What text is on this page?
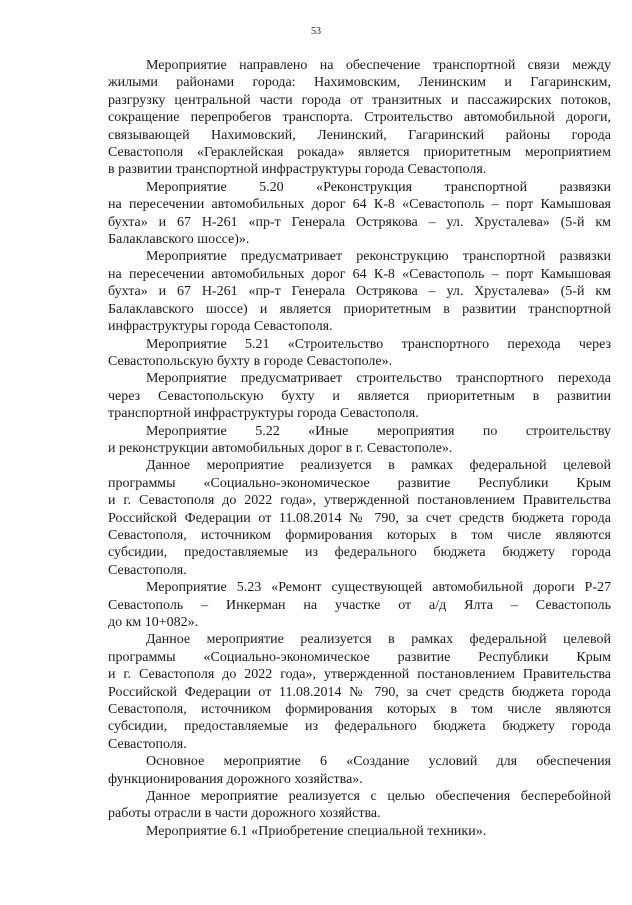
53
Мероприятие направлено на обеспечение транспортной связи между
жилыми районами города: Нахимовским, Ленинским и Гагаринским,
разгрузку центральной части города от транзитных и пассажирских потоков,
сокращение перепробегов транспорта. Строительство автомобильной дороги,
связывающей Нахимовский, Ленинский, Гагаринский районы города
Севастополя «Гераклейская рокада» является приоритетным мероприятием
в развитии транспортной инфраструктуры города Севастополя.
Мероприятие 5.20 «Реконструкция транспортной развязки
на пересечении автомобильных дорог 64 К-8 «Севастополь – порт Камышовая
бухта» и 67 Н-261 «пр-т Генерала Острякова – ул. Хрусталева» (5-й км
Балаклавского шоссе)».
Мероприятие предусматривает реконструкцию транспортной развязки
на пересечении автомобильных дорог 64 К-8 «Севастополь – порт Камышовая
бухта» и 67 Н-261 «пр-т Генерала Острякова – ул. Хрусталева» (5-й км
Балаклавского шоссе) и является приоритетным в развитии транспортной
инфраструктуры города Севастополя.
Мероприятие 5.21 «Строительство транспортного перехода через
Севастопольскую бухту в городе Севастополе».
Мероприятие предусматривает строительство транспортного перехода
через Севастопольскую бухту и является приоритетным в развитии
транспортной инфраструктуры города Севастополя.
Мероприятие 5.22 «Иные мероприятия по строительству
и реконструкции автомобильных дорог в г. Севастополе».
Данное мероприятие реализуется в рамках федеральной целевой
программы «Социально-экономическое развитие Республики Крым
и г. Севастополя до 2022 года», утвержденной постановлением Правительства
Российской Федерации от 11.08.2014 № 790, за счет средств бюджета города
Севастополя, источником формирования которых в том числе являются
субсидии, предоставляемые из федерального бюджета бюджету города
Севастополя.
Мероприятие 5.23 «Ремонт существующей автомобильной дороги Р-27
Севастополь – Инкерман на участке от а/д Ялта – Севастополь
до км 10+082».
Данное мероприятие реализуется в рамках федеральной целевой
программы «Социально-экономическое развитие Республики Крым
и г. Севастополя до 2022 года», утвержденной постановлением Правительства
Российской Федерации от 11.08.2014 № 790, за счет средств бюджета города
Севастополя, источником формирования которых в том числе являются
субсидии, предоставляемые из федерального бюджета бюджету города
Севастополя.
Основное мероприятие 6 «Создание условий для обеспечения
функционирования дорожного хозяйства».
Данное мероприятие реализуется с целью обеспечения бесперебойной
работы отрасли в части дорожного хозяйства.
Мероприятие 6.1 «Приобретение специальной техники».
